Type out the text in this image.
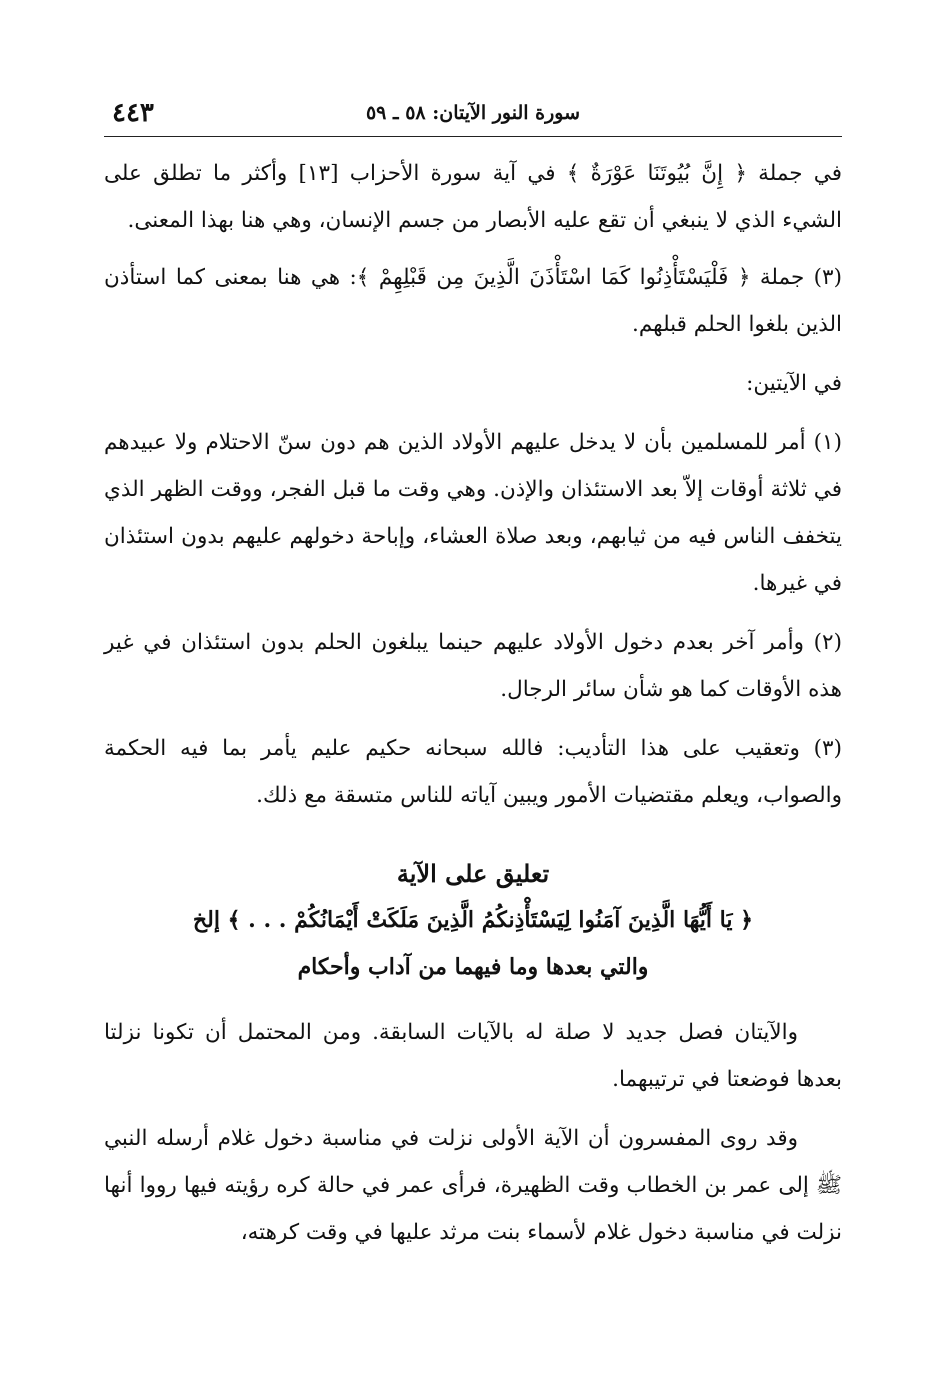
سورة النور الآيتان: ٥٨ ـ ٥٩
٤٤٣

في جملة ﴿ إِنَّ بُيُوتَنَا عَوْرَةٌ ﴾ في آية سورة الأحزاب [١٣] وأكثر ما تطلق على الشيء الذي لا ينبغي أن تقع عليه الأبصار من جسم الإنسان، وهي هنا بهذا المعنى.

(٣) جملة ﴿ فَلْيَسْتَأْذِنُوا كَمَا اسْتَأْذَنَ الَّذِينَ مِن قَبْلِهِمْ ﴾: هي هنا بمعنى كما استأذن الذين بلغوا الحلم قبلهم.

في الآيتين:

(١) أمر للمسلمين بأن لا يدخل عليهم الأولاد الذين هم دون سنّ الاحتلام ولا عبيدهم في ثلاثة أوقات إلاّ بعد الاستئذان والإذن. وهي وقت ما قبل الفجر، ووقت الظهر الذي يتخفف الناس فيه من ثيابهم، وبعد صلاة العشاء، وإباحة دخولهم عليهم بدون استئذان في غيرها.

(٢) وأمر آخر بعدم دخول الأولاد عليهم حينما يبلغون الحلم بدون استئذان في غير هذه الأوقات كما هو شأن سائر الرجال.

(٣) وتعقيب على هذا التأديب: فالله سبحانه حكيم عليم يأمر بما فيه الحكمة والصواب، ويعلم مقتضيات الأمور ويبين آياته للناس متسقة مع ذلك.

تعليق على الآية
﴿ يَا أَيُّهَا الَّذِينَ آمَنُوا لِيَسْتَأْذِنكُمُ الَّذِينَ مَلَكَتْ أَيْمَانُكُمْ . . . ﴾ إلخ
والتي بعدها وما فيهما من آداب وأحكام

والآيتان فصل جديد لا صلة له بالآيات السابقة. ومن المحتمل أن تكونا نزلتا بعدها فوضعتا في ترتيبهما.

وقد روى المفسرون أن الآية الأولى نزلت في مناسبة دخول غلام أرسله النبي ﷺ إلى عمر بن الخطاب وقت الظهيرة، فرأى عمر في حالة كره رؤيته فيها رووا أنها نزلت في مناسبة دخول غلام لأسماء بنت مرثد عليها في وقت كرهته،
